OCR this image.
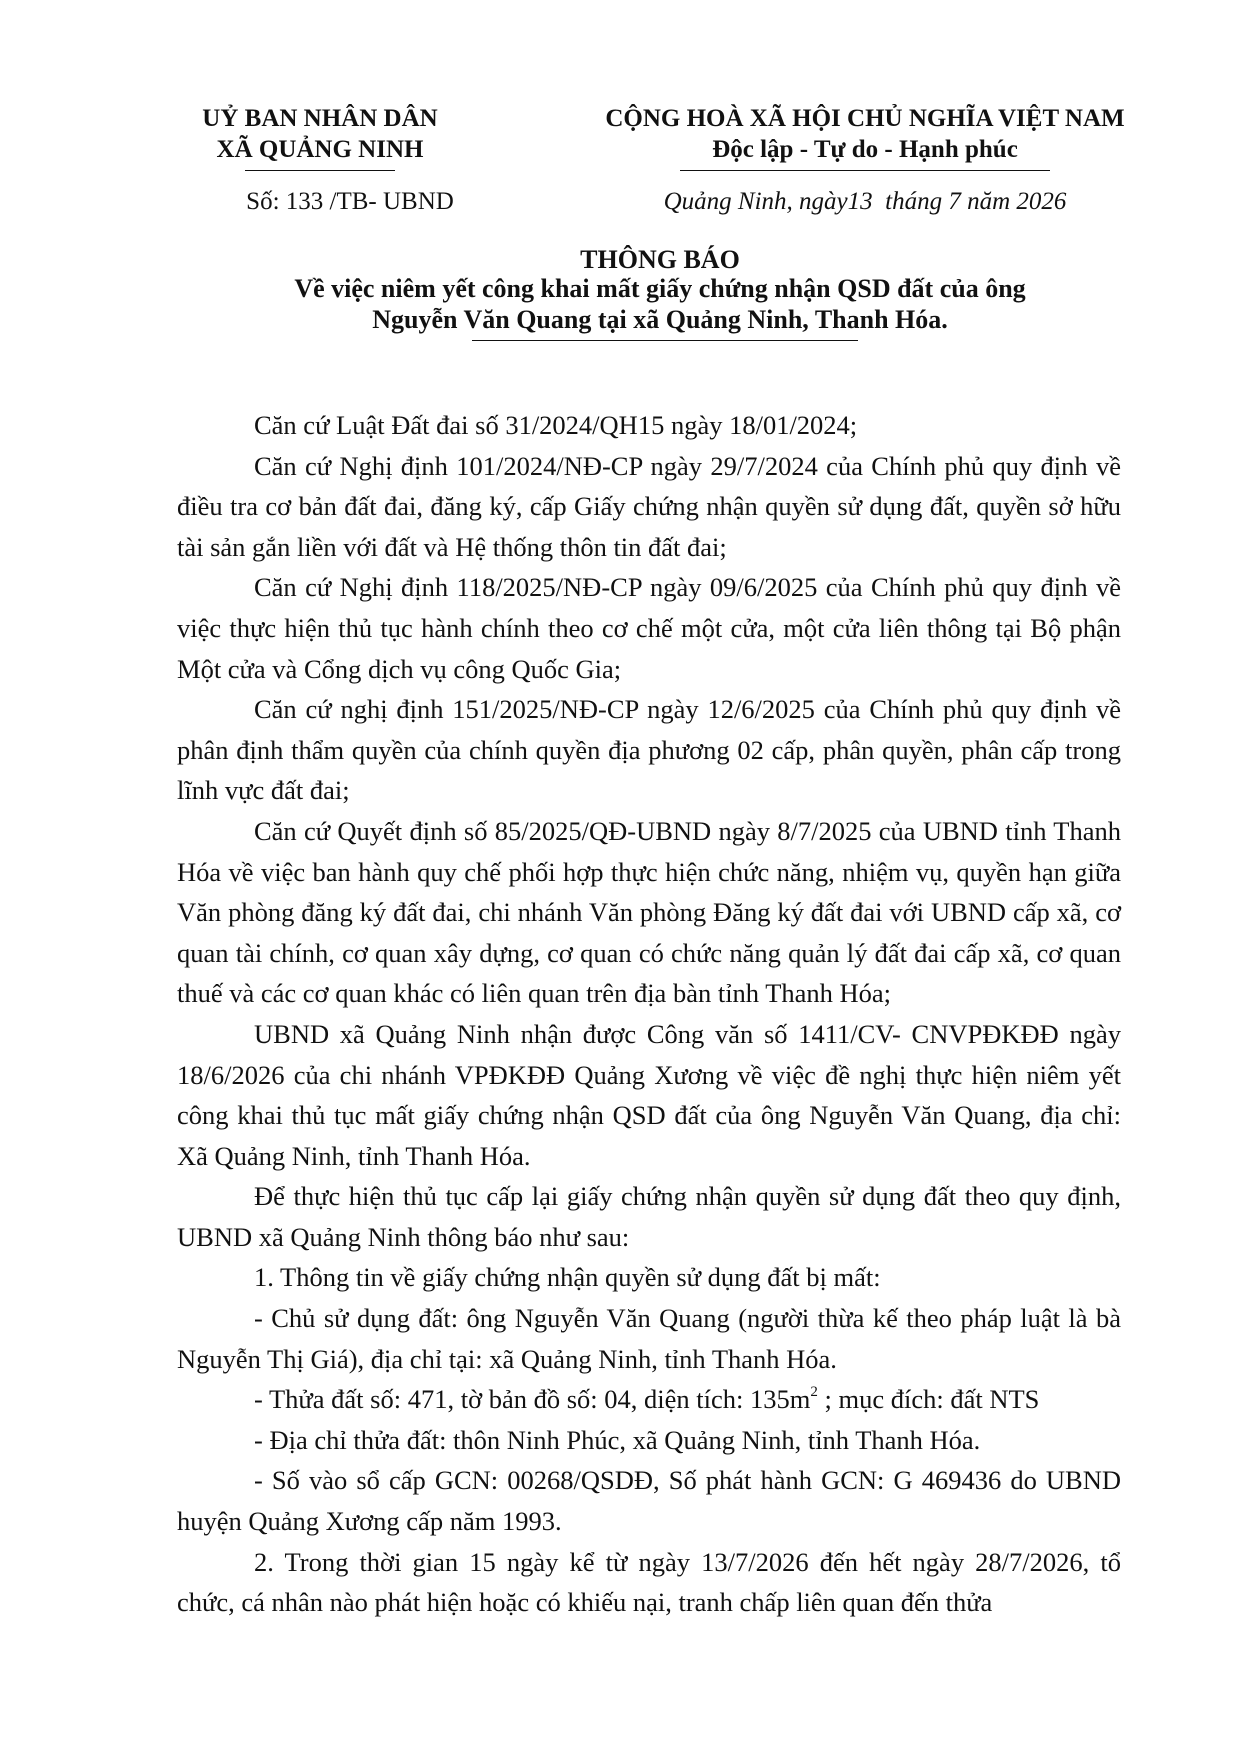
UỶ BAN NHÂN DÂN
XÃ QUẢNG NINH
CỘNG HOÀ XÃ HỘI CHỦ NGHĨA VIỆT NAM
Độc lập - Tự do - Hạnh phúc
Số: 133 /TB- UBND	Quảng Ninh, ngày13  tháng 7 năm 2026
THÔNG BÁO
Về việc niêm yết công khai mất giấy chứng nhận QSD đất của ông
Nguyễn Văn Quang tại xã Quảng Ninh, Thanh Hóa.

Căn cứ Luật Đất đai số 31/2024/QH15 ngày 18/01/2024;

Căn cứ Nghị định 101/2024/NĐ-CP ngày 29/7/2024 của Chính phủ quy định về điều tra cơ bản đất đai, đăng ký, cấp Giấy chứng nhận quyền sử dụng đất, quyền sở hữu tài sản gắn liền với đất và Hệ thống thôn tin đất đai;

Căn cứ Nghị định 118/2025/NĐ-CP ngày 09/6/2025 của Chính phủ quy định về việc thực hiện thủ tục hành chính theo cơ chế một cửa, một cửa liên thông tại Bộ phận Một cửa và Cổng dịch vụ công Quốc Gia;

Căn cứ nghị định 151/2025/NĐ-CP ngày 12/6/2025 của Chính phủ quy định về phân định thẩm quyền của chính quyền địa phương 02 cấp, phân quyền, phân cấp trong lĩnh vực đất đai;

Căn cứ Quyết định số 85/2025/QĐ-UBND ngày 8/7/2025 của UBND tỉnh Thanh Hóa về việc ban hành quy chế phối hợp thực hiện chức năng, nhiệm vụ, quyền hạn giữa Văn phòng đăng ký đất đai, chi nhánh Văn phòng Đăng ký đất đai với UBND cấp xã, cơ quan tài chính, cơ quan xây dựng, cơ quan có chức năng quản lý đất đai cấp xã, cơ quan thuế và các cơ quan khác có liên quan trên địa bàn tỉnh Thanh Hóa;

UBND xã Quảng Ninh nhận được Công văn số 1411/CV- CNVPĐKĐĐ ngày 18/6/2026 của chi nhánh VPĐKĐĐ Quảng Xương về việc đề nghị thực hiện niêm yết công khai thủ tục mất giấy chứng nhận QSD đất của ông Nguyễn Văn Quang, địa chỉ: Xã Quảng Ninh, tỉnh Thanh Hóa.

Để thực hiện thủ tục cấp lại giấy chứng nhận quyền sử dụng đất theo quy định, UBND xã Quảng Ninh thông báo như sau:

1. Thông tin về giấy chứng nhận quyền sử dụng đất bị mất:

- Chủ sử dụng đất: ông Nguyễn Văn Quang (người thừa kế theo pháp luật là bà Nguyễn Thị Giá), địa chỉ tại: xã Quảng Ninh, tỉnh Thanh Hóa.

- Thửa đất số: 471, tờ bản đồ số: 04, diện tích: $135m^2$ ; mục đích: đất NTS

- Địa chỉ thửa đất: thôn Ninh Phúc, xã Quảng Ninh, tỉnh Thanh Hóa.

- Số vào sổ cấp GCN: 00268/QSDĐ, Số phát hành GCN: G 469436 do UBND huyện Quảng Xương cấp năm 1993.

2. Trong thời gian 15 ngày kể từ ngày 13/7/2026 đến hết ngày 28/7/2026, tổ chức, cá nhân nào phát hiện hoặc có khiếu nại, tranh chấp liên quan đến thửa
